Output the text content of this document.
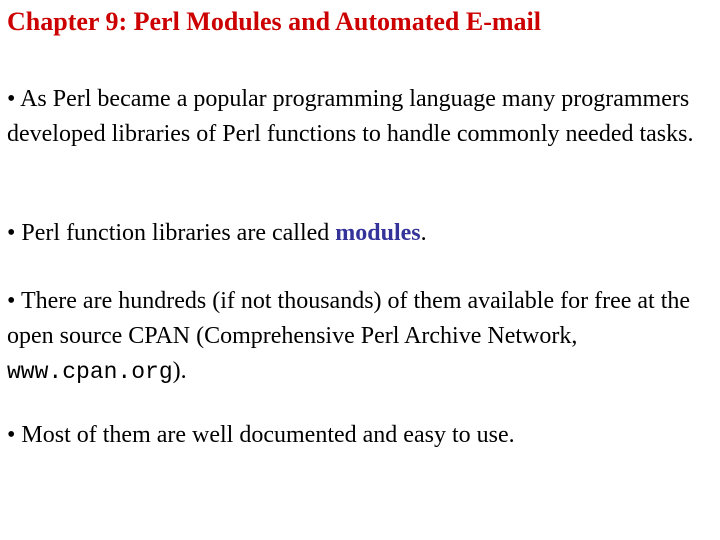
Chapter 9: Perl Modules and Automated E-mail

• As Perl became a popular programming language many programmers developed libraries of Perl functions to handle commonly needed tasks.

• Perl function libraries are called modules.

• There are hundreds (if not thousands) of them available for free at the open source CPAN (Comprehensive Perl Archive Network, www.cpan.org).

• Most of them are well documented and easy to use.
